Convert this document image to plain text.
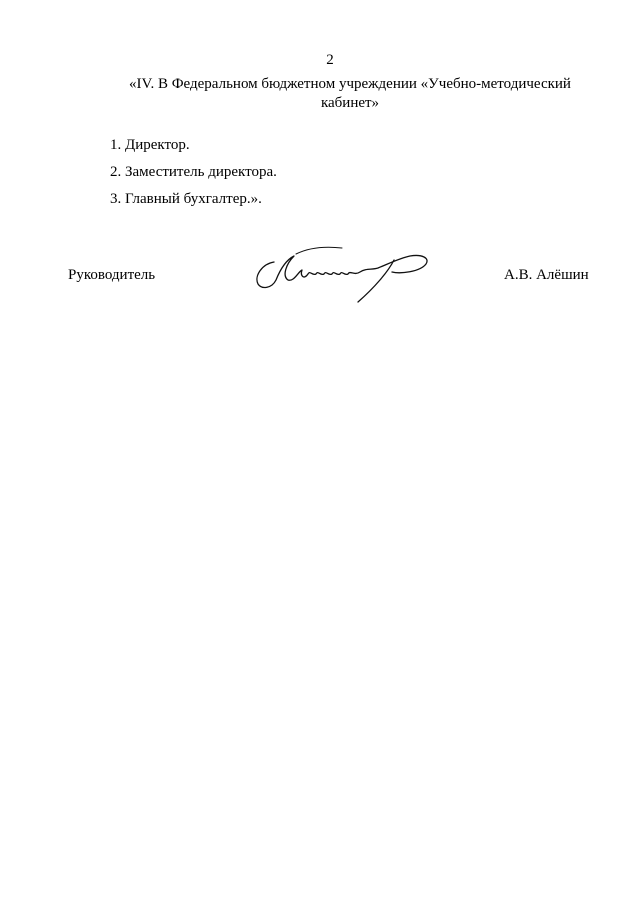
2
«IV. В Федеральном бюджетном учреждении «Учебно-методический кабинет»
1. Директор.
2. Заместитель директора.
3. Главный бухгалтер.».
Руководитель	А.В. Алёшин
